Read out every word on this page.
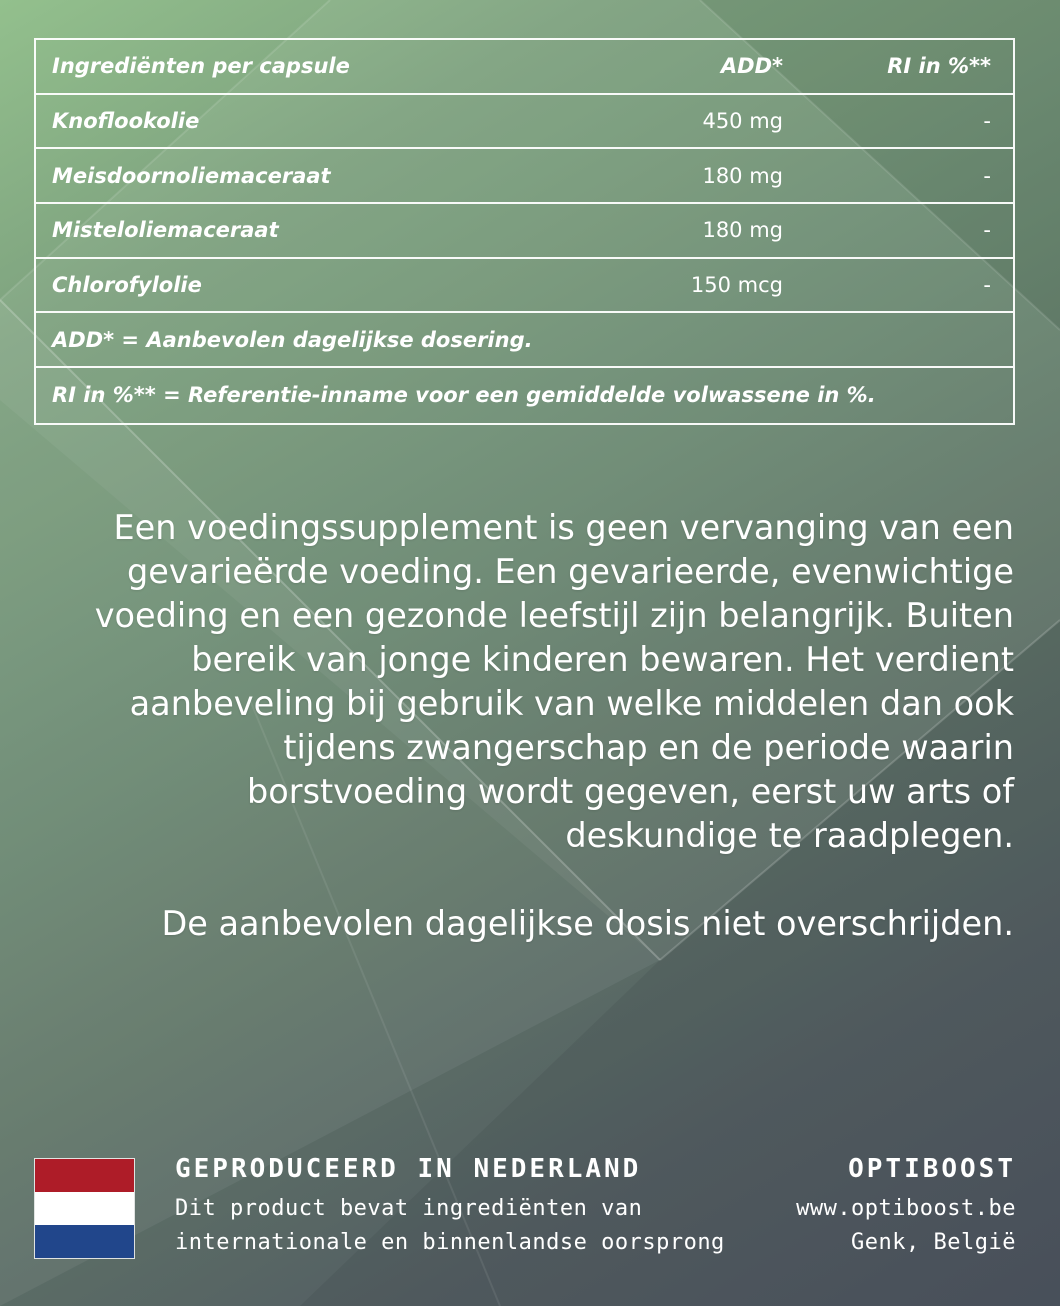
Ingrediënten per capsule	ADD*	RI in %**
Knoflookolie	450 mg	-
Meisdoornoliemaceraat	180 mg	-
Misteloliemaceraat	180 mg	-
Chlorofylolie	150 mcg	-
ADD* = Aanbevolen dagelijkse dosering.
RI in %** = Referentie-inname voor een gemiddelde volwassene in %.

Een voedingssupplement is geen vervanging van een
gevarieërde voeding. Een gevarieerde, evenwichtige
voeding en een gezonde leefstijl zijn belangrijk. Buiten
bereik van jonge kinderen bewaren. Het verdient
aanbeveling bij gebruik van welke middelen dan ook
tijdens zwangerschap en de periode waarin
borstvoeding wordt gegeven, eerst uw arts of
deskundige te raadplegen.

De aanbevolen dagelijkse dosis niet overschrijden.

GEPRODUCEERD IN NEDERLAND

Dit product bevat ingrediënten van

internationale en binnenlandse oorsprong

OPTIBOOST

www.optiboost.be

Genk, België
